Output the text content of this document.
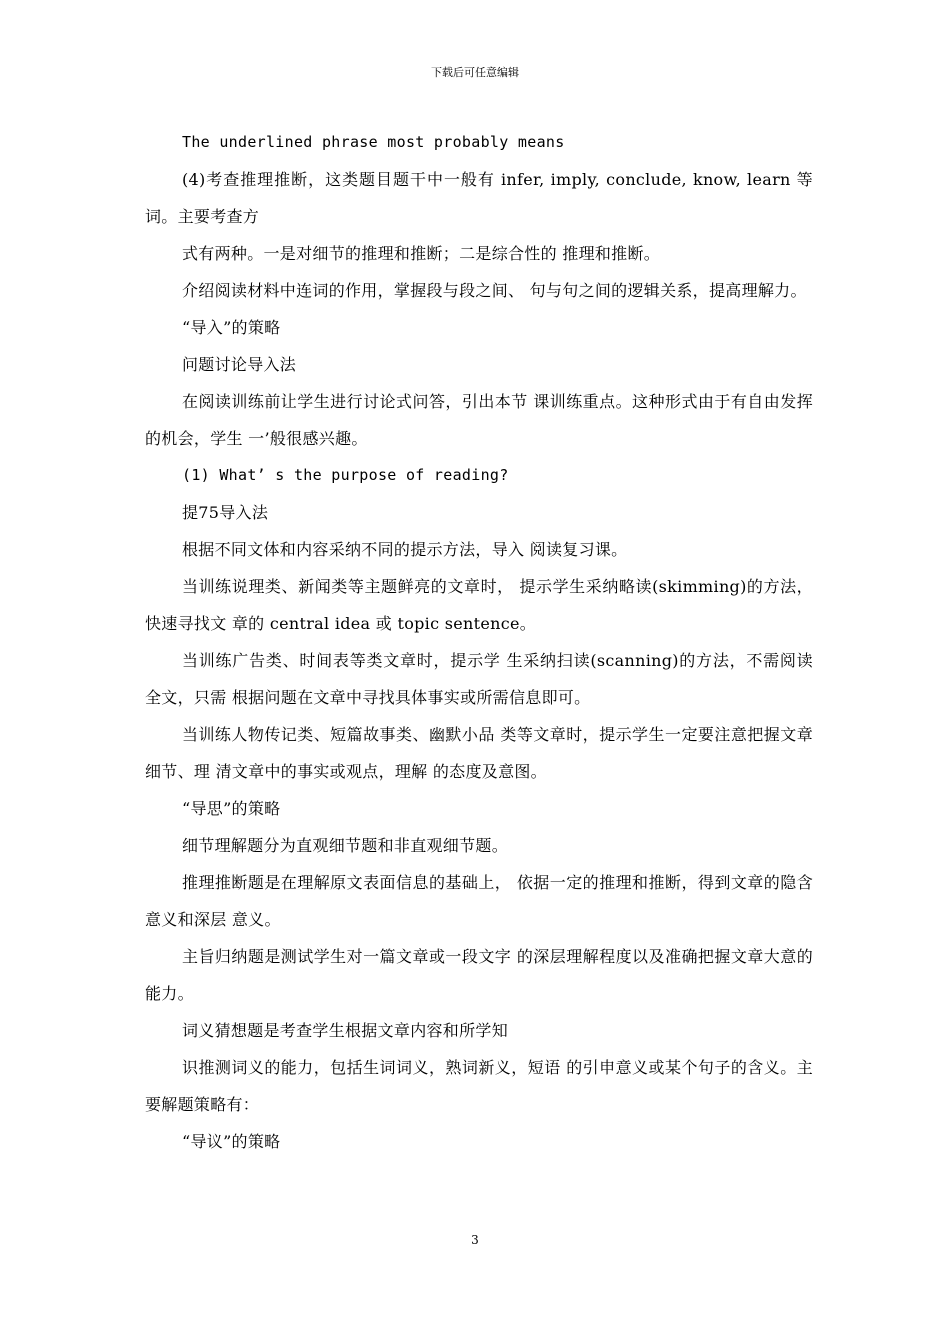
下载后可任意编辑

The underlined phrase most probably means

(4)考查推理推断，这类题目题干中一般有 infer, imply, conclude, know, learn 等词。主要考查方

式有两种。一是对细节的推理和推断；二是综合性的 推理和推断。

介绍阅读材料中连词的作用，掌握段与段之间、 句与句之间的逻辑关系，提高理解力。

“导入”的策略

问题讨论导入法

在阅读训练前让学生进行讨论式问答，引出本节 课训练重点。这种形式由于有自由发挥的机会，学生 一’般很感兴趣。

(1) What’ s the purpose of reading?

提75导入法

根据不同文体和内容采纳不同的提示方法，导入 阅读复习课。

当训练说理类、新闻类等主题鲜亮的文章时， 提示学生采纳略读(skimming)的方法，快速寻找文 章的 central idea 或 topic sentence。

当训练广告类、时间表等类文章时，提示学 生采纳扫读(scanning)的方法，不需阅读全文，只需 根据问题在文章中寻找具体事实或所需信息即可。

当训练人物传记类、短篇故事类、幽默小品 类等文章时，提示学生一定要注意把握文章细节、理 清文章中的事实或观点，理解 的态度及意图。

“导思”的策略

细节理解题分为直观细节题和非直观细节题。

推理推断题是在理解原文表面信息的基础上， 依据一定的推理和推断，得到文章的隐含意义和深层 意义。

主旨归纳题是测试学生对一篇文章或一段文字 的深层理解程度以及准确把握文章大意的能力。

词义猜想题是考查学生根据文章内容和所学知

识推测词义的能力，包括生词词义，熟词新义，短语 的引申意义或某个句子的含义。主要解题策略有：

“导议”的策略

3
